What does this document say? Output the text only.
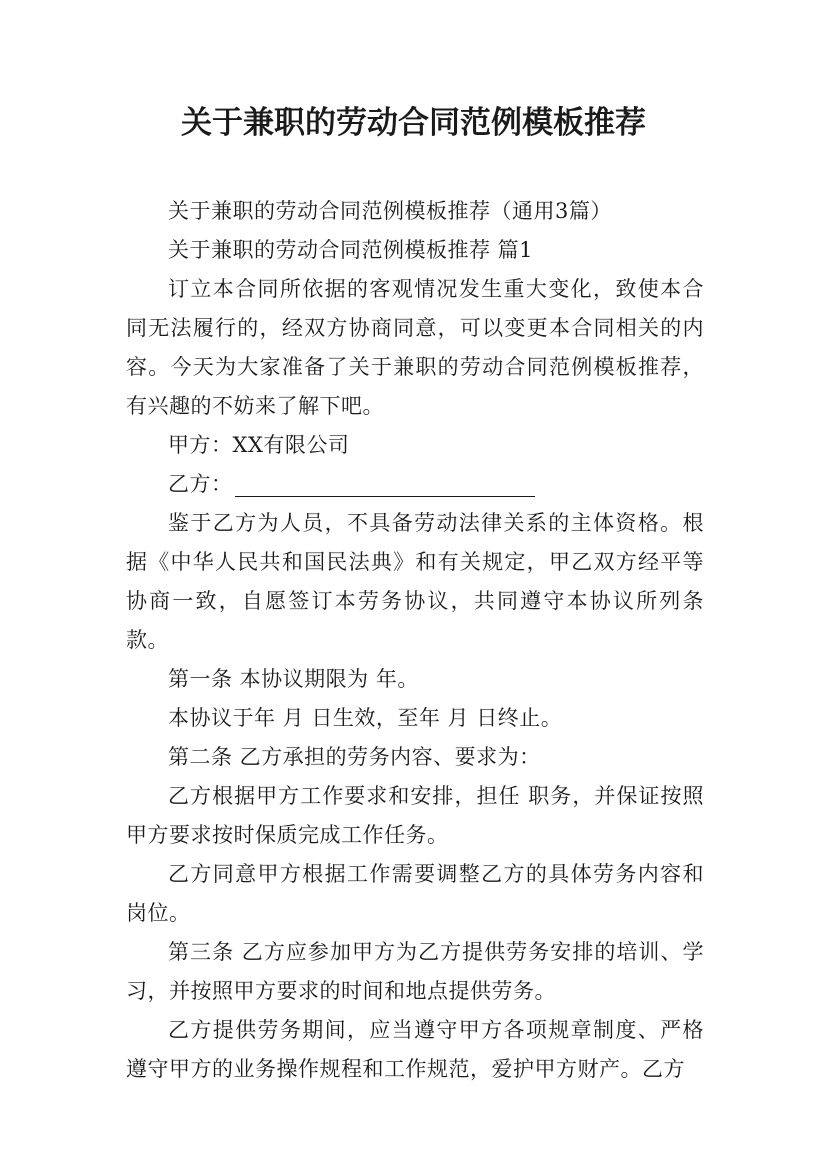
关于兼职的劳动合同范例模板推荐

关于兼职的劳动合同范例模板推荐（通用3篇）

关于兼职的劳动合同范例模板推荐 篇1

订立本合同所依据的客观情况发生重大变化，致使本合同无法履行的，经双方协商同意，可以变更本合同相关的内容。今天为大家准备了关于兼职的劳动合同范例模板推荐，有兴趣的不妨来了解下吧。

甲方：XX有限公司

乙方：

鉴于乙方为人员，不具备劳动法律关系的主体资格。根据《中华人民共和国民法典》和有关规定，甲乙双方经平等协商一致，自愿签订本劳务协议，共同遵守本协议所列条款。

第一条 本协议期限为 年。

本协议于年 月 日生效，至年 月 日终止。

第二条 乙方承担的劳务内容、要求为：

乙方根据甲方工作要求和安排，担任 职务，并保证按照甲方要求按时保质完成工作任务。

乙方同意甲方根据工作需要调整乙方的具体劳务内容和岗位。

第三条 乙方应参加甲方为乙方提供劳务安排的培训、学习，并按照甲方要求的时间和地点提供劳务。

乙方提供劳务期间，应当遵守甲方各项规章制度、严格遵守甲方的业务操作规程和工作规范，爱护甲方财产。乙方
